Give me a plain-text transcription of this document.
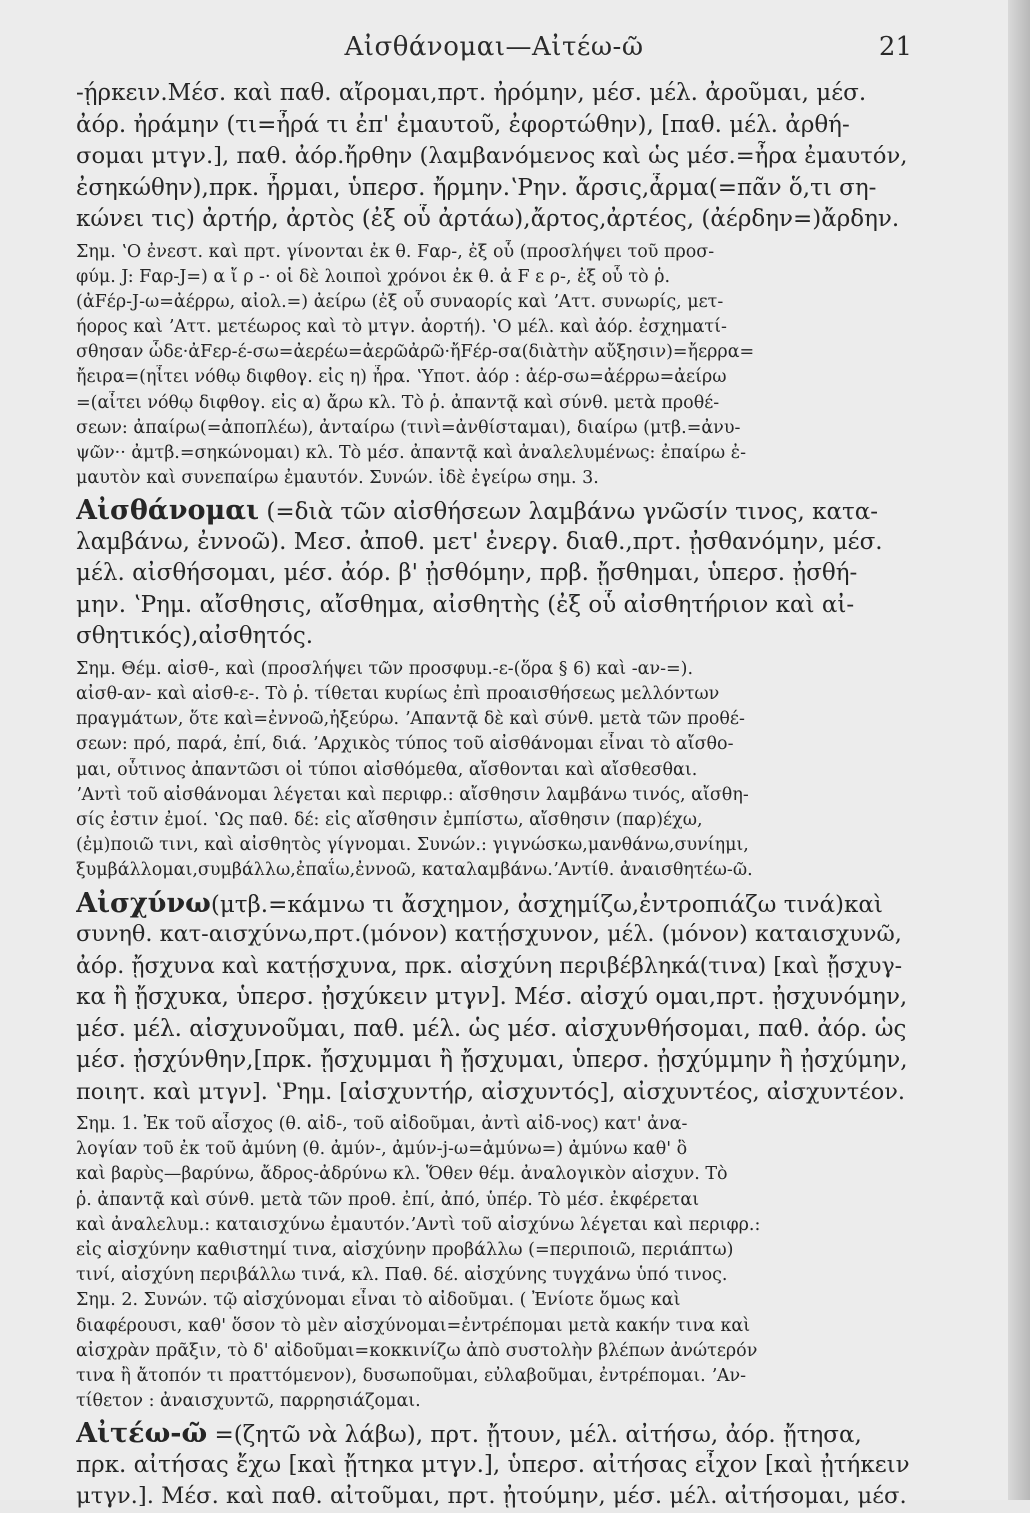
Αἰσθάνομαι—Αἰτέω-ῶ	21
-ῄρκειν.Μέσ. καὶ παθ. αἴρομαι,πρτ. ἠρόμην, μέσ. μέλ. ἀροῦμαι, μέσ.
ἀόρ. ἠράμην (τι=ἦρά τι ἐπ' ἐμαυτοῦ, ἐφορτώθην), [παθ. μέλ. ἀρθή-
σομαι μτγν.], παθ. ἀόρ.ἤρθην (λαμβανόμενος καὶ ὡς μέσ.=ἦρα ἐμαυτόν,
ἐσηκώθην),πρκ. ἦρμαι, ὑπερσ. ἤρμην.ʽΡην. ἄρσις,ἆρμα(=πᾶν ὅ,τι ση-
κώνει τις) ἀρτήρ, ἀρτὸς (ἐξ οὗ ἀρτάω),ἄρτος,ἀρτέος, (ἀέρδην=)ἄρδην.
Σημ. ʽΟ ἐνεστ. καὶ πρτ. γίνονται ἐκ θ. Fαρ-, ἐξ οὗ (προσλήψει τοῦ προσ-
φύμ. J: Fαρ-J=) α ἴ ρ -· οἱ δὲ λοιποὶ χρόνοι ἐκ θ. ἀ F ε ρ-, ἐξ οὗ τὸ ῥ.
(ἀFέρ-J-ω=ἀέρρω, αἰολ.=) ἀείρω (ἐξ οὗ συναορίς καὶ ʼΑττ. συνωρίς, μετ-
ήορος καὶ ʼΑττ. μετέωρος καὶ τὸ μτγν. ἀορτή). ʽΟ μέλ. καὶ ἀόρ. ἐσχηματί-
σθησαν ὧδε·ἀFερ-έ-σω=ἀερέω=ἀερῶἀρῶ·ἤFέρ-σα(διὰτὴν αὔξησιν)=ἤερρα=
ἤειρα=(ηἶτει νόθῳ διφθογ. εἰς η) ἦρα. ʽΥποτ. ἀόρ : ἀέρ-σω=ἀέρρω=ἀείρω
=(αἶτει νόθῳ διφθογ. εἰς α) ἄρω κλ. Τὸ ῥ. ἀπαντᾷ καὶ σύνθ. μετὰ προθέ-
σεων: ἀπαίρω(=ἀποπλέω), ἀνταίρω (τινὶ=ἀνθίσταμαι), διαίρω (μτβ.=ἀνυ-
ψῶν·· ἀμτβ.=σηκώνομαι) κλ. Τὸ μέσ. ἀπαντᾷ καὶ ἀναλελυμένως: ἐπαίρω ἐ-
μαυτὸν καὶ συνεπαίρω ἐμαυτόν. Συνών. ἰδὲ ἐγείρω σημ. 3.
Αἰσθάνομαι (=διὰ τῶν αἰσθήσεων λαμβάνω γνῶσίν τινος, κατα-
λαμβάνω, ἐννοῶ). Μεσ. ἀποθ. μετ' ἐνεργ. διαθ.,πρτ. ᾐσθανόμην, μέσ.
μέλ. αἰσθήσομαι, μέσ. ἀόρ. β' ᾐσθόμην, πρβ. ᾔσθημαι, ὑπερσ. ᾐσθή-
μην. ʽΡημ. αἴσθησις, αἴσθημα, αἰσθητὴς (ἐξ οὗ αἰσθητήριον καὶ αἰ-
σθητικός),αἰσθητός.
Σημ. Θέμ. αἰσθ-, καὶ (προσλήψει τῶν προσφυμ.-ε-(ὅρα § 6) καὶ -αν-=).
αἰσθ-αν- καὶ αἰσθ-ε-. Τὸ ῥ. τίθεται κυρίως ἐπὶ προαισθήσεως μελλόντων
πραγμάτων, ὅτε καὶ=ἐννοῶ,ἠξεύρω. ʼΑπαντᾷ δὲ καὶ σύνθ. μετὰ τῶν προθέ-
σεων: πρό, παρά, ἐπί, διά. ʼΑρχικὸς τύπος τοῦ αἰσθάνομαι εἶναι τὸ αἴσθο-
μαι, οὗτινος ἀπαντῶσι οἱ τύποι αἰσθόμεθα, αἴσθονται καὶ αἴσθεσθαι.
ʼΑντὶ τοῦ αἰσθάνομαι λέγεται καὶ περιφρ.: αἴσθησιν λαμβάνω τινός, αἴσθη-
σίς ἐστιν ἐμοί. ʽΩς παθ. δέ: εἰς αἴσθησιν ἐμπίστω, αἴσθησιν (παρ)έχω,
(ἐμ)ποιῶ τινι, καὶ αἰσθητὸς γίγνομαι. Συνών.: γιγνώσκω,μανθάνω,συνίημι,
ξυμβάλλομαι,συμβάλλω,ἐπαΐω,ἐννοῶ, καταλαμβάνω.ʼΑντίθ. ἀναισθητέω-ῶ.
Αἰσχύνω(μτβ.=κάμνω τι ἄσχημον, ἀσχημίζω,ἐντροπιάζω τινά)καὶ
συνηθ. κατ-αισχύνω,πρτ.(μόνον) κατῄσχυνον, μέλ. (μόνον) καταισχυνῶ,
ἀόρ. ᾔσχυνα καὶ κατῄσχυνα, πρκ. αἰσχύνη περιβέβληκά(τινα) [καὶ ᾔσχυγ-
κα ἢ ᾔσχυκα, ὑπερσ. ᾐσχύκειν μτγν]. Μέσ. αἰσχύ ομαι,πρτ. ᾐσχυνόμην,
μέσ. μέλ. αἰσχυνοῦμαι, παθ. μέλ. ὡς μέσ. αἰσχυνθήσομαι, παθ. ἀόρ. ὡς
μέσ. ᾐσχύνθην,[πρκ. ᾔσχυμμαι ἢ ᾔσχυμαι, ὑπερσ. ᾐσχύμμην ἢ ᾐσχύμην,
ποιητ. καὶ μτγν]. ʽΡημ. [αἰσχυντήρ, αἰσχυντός], αἰσχυντέος, αἰσχυντέον.
Σημ. 1. Ἐκ τοῦ αἶσχος (θ. αἰδ-, τοῦ αἰδοῦμαι, ἀντὶ αἰδ-νος) κατ' ἀνα-
λογίαν τοῦ ἐκ τοῦ ἀμύνη (θ. ἀμύν-, ἀμύν-j-ω=ἀμύνω=) ἀμύνω καθ' ὃ
καὶ βαρὺς—βαρύνω, ἄδρος-ἀδρύνω κλ. Ὅθεν θέμ. ἀναλογικὸν αἰσχυν. Τὸ
ῥ. ἀπαντᾷ καὶ σύνθ. μετὰ τῶν προθ. ἐπί, ἀπό, ὑπέρ. Τὸ μέσ. ἐκφέρεται
καὶ ἀναλελυμ.: καταισχύνω ἐμαυτόν.ʼΑντὶ τοῦ αἰσχύνω λέγεται καὶ περιφρ.:
εἰς αἰσχύνην καθιστημί τινα, αἰσχύνην προβάλλω (=περιποιῶ, περιάπτω)
τινί, αἰσχύνη περιβάλλω τινά, κλ. Παθ. δέ. αἰσχύνης τυγχάνω ὑπό τινος.
Σημ. 2. Συνών. τῷ αἰσχύνομαι εἶναι τὸ αἰδοῦμαι. ( Ἐνίοτε ὅμως καὶ
διαφέρουσι, καθ' ὅσον τὸ μὲν αἰσχύνομαι=ἐντρέπομαι μετὰ κακήν τινα καὶ
αἰσχρὰν πρᾶξιν, τὸ δ' αἰδοῦμαι=κοκκινίζω ἀπὸ συστολὴν βλέπων ἀνώτερόν
τινα ἢ ἄτοπόν τι πραττόμενον), δυσωποῦμαι, εὐλαβοῦμαι, ἐντρέπομαι. ʼΑν-
τίθετον : ἀναισχυντῶ, παρρησιάζομαι.
Αἰτέω-ῶ =(ζητῶ νὰ λάβω), πρτ. ᾔτουν, μέλ. αἰτήσω, ἀόρ. ᾔτησα,
πρκ. αἰτήσας ἔχω [καὶ ᾔτηκα μτγν.], ὑπερσ. αἰτήσας εἶχον [καὶ ᾐτήκειν
μτγν.]. Μέσ. καὶ παθ. αἰτοῦμαι, πρτ. ᾐτούμην, μέσ. μέλ. αἰτήσομαι, μέσ.
